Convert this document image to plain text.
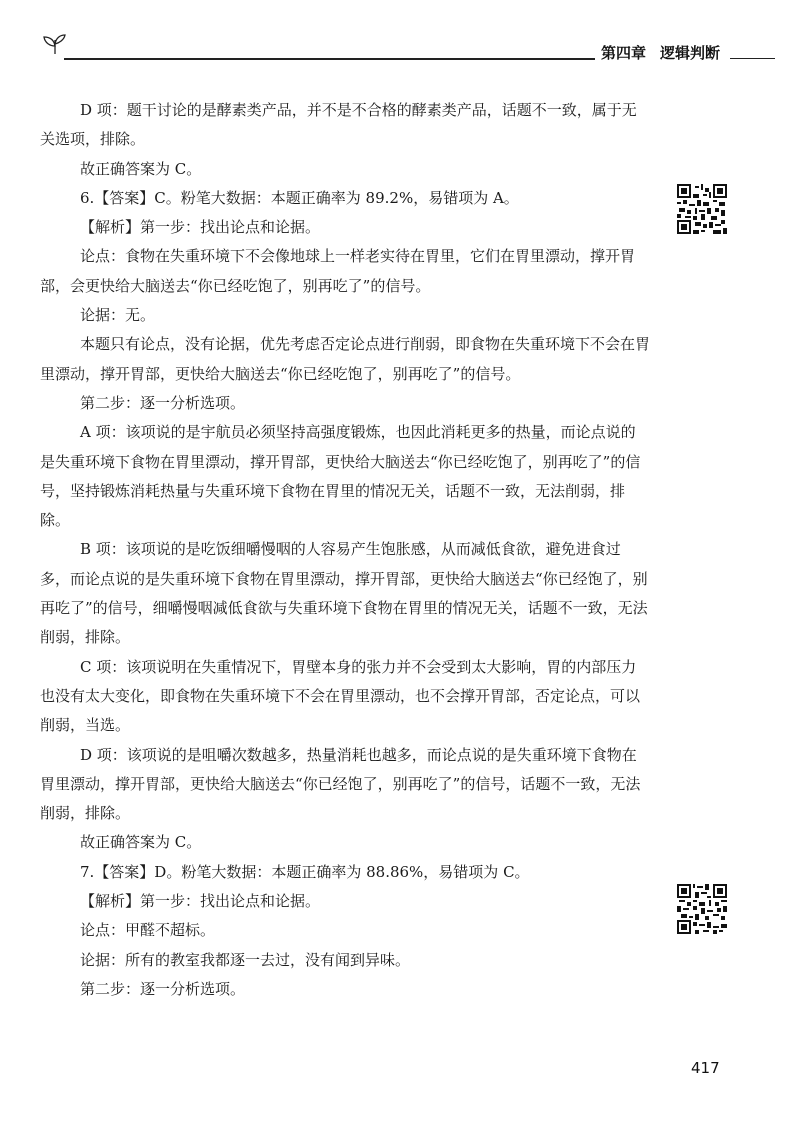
第四章 逻辑判断

D 项：题干讨论的是酵素类产品，并不是不合格的酵素类产品，话题不一致，属于无关选项，排除。

故正确答案为 C。

6.【答案】C。粉笔大数据：本题正确率为 89.2%，易错项为 A。

【解析】第一步：找出论点和论据。

论点：食物在失重环境下不会像地球上一样老实待在胃里，它们在胃里漂动，撑开胃部，会更快给大脑送去“你已经吃饱了，别再吃了”的信号。

论据：无。

本题只有论点，没有论据，优先考虑否定论点进行削弱，即食物在失重环境下不会在胃里漂动，撑开胃部，更快给大脑送去“你已经吃饱了，别再吃了”的信号。

第二步：逐一分析选项。

A 项：该项说的是宇航员必须坚持高强度锻炼，也因此消耗更多的热量，而论点说的是失重环境下食物在胃里漂动，撑开胃部，更快给大脑送去“你已经吃饱了，别再吃了”的信号，坚持锻炼消耗热量与失重环境下食物在胃里的情况无关，话题不一致，无法削弱，排除。

B 项：该项说的是吃饭细嚼慢咽的人容易产生饱胀感，从而减低食欲，避免进食过多，而论点说的是失重环境下食物在胃里漂动，撑开胃部，更快给大脑送去“你已经饱了，别再吃了”的信号，细嚼慢咽减低食欲与失重环境下食物在胃里的情况无关，话题不一致，无法削弱，排除。

C 项：该项说明在失重情况下，胃壁本身的张力并不会受到太大影响，胃的内部压力也没有太大变化，即食物在失重环境下不会在胃里漂动，也不会撑开胃部，否定论点，可以削弱，当选。

D 项：该项说的是咀嚼次数越多，热量消耗也越多，而论点说的是失重环境下食物在胃里漂动，撑开胃部，更快给大脑送去“你已经饱了，别再吃了”的信号，话题不一致，无法削弱，排除。

故正确答案为 C。

7.【答案】D。粉笔大数据：本题正确率为 88.86%，易错项为 C。

【解析】第一步：找出论点和论据。

论点：甲醛不超标。

论据：所有的教室我都逐一去过，没有闻到异味。

第二步：逐一分析选项。

417
